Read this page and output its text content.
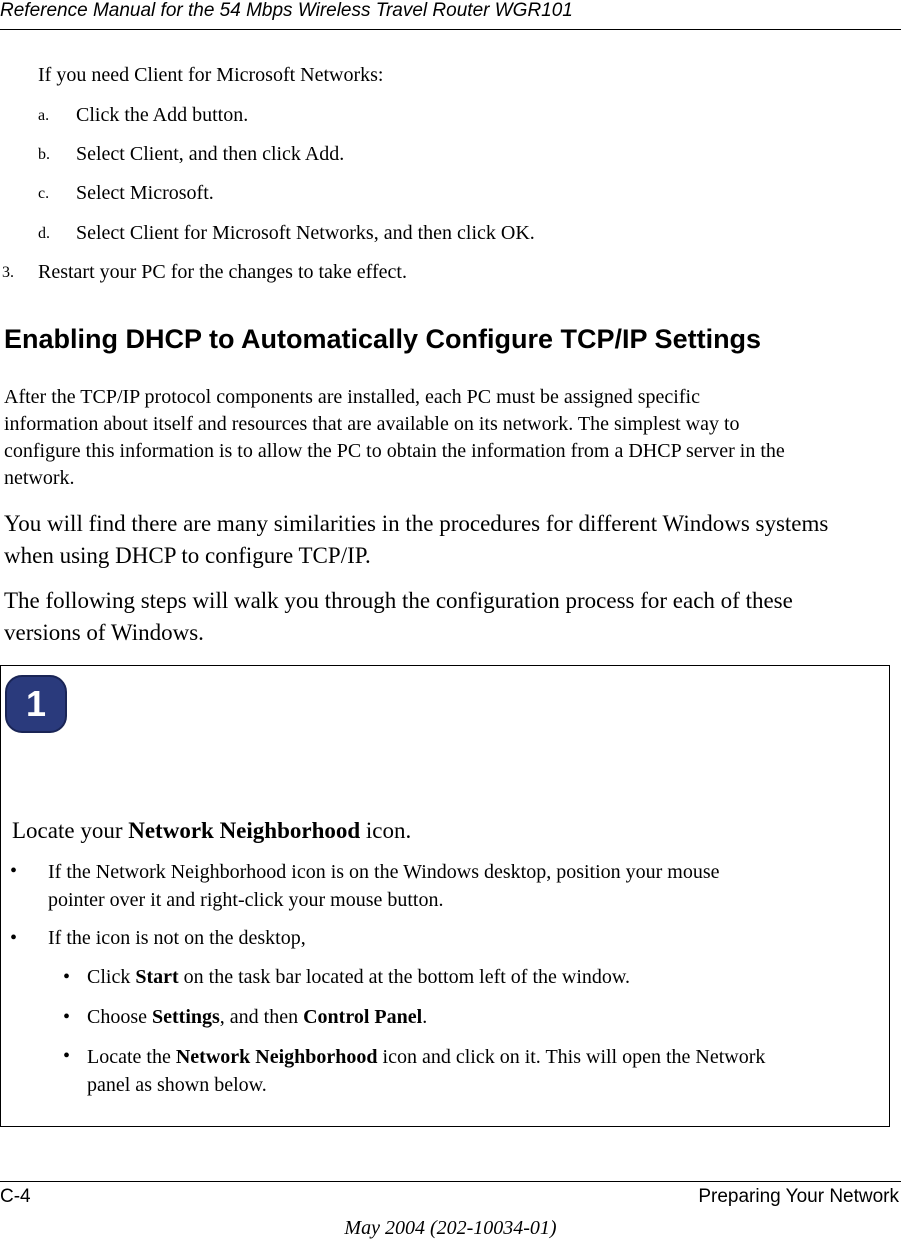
Reference Manual for the 54 Mbps Wireless Travel Router WGR101
If you need Client for Microsoft Networks:
a. Click the Add button.
b. Select Client, and then click Add.
c. Select Microsoft.
d. Select Client for Microsoft Networks, and then click OK.
3. Restart your PC for the changes to take effect.
Enabling DHCP to Automatically Configure TCP/IP Settings
After the TCP/IP protocol components are installed, each PC must be assigned specific
information about itself and resources that are available on its network. The simplest way to
configure this information is to allow the PC to obtain the information from a DHCP server in the
network.
You will find there are many similarities in the procedures for different Windows systems
when using DHCP to configure TCP/IP.
The following steps will walk you through the configuration process for each of these
versions of Windows.
1
Locate your Network Neighborhood icon.
• If the Network Neighborhood icon is on the Windows desktop, position your mouse
pointer over it and right-click your mouse button.
• If the icon is not on the desktop,
• Click Start on the task bar located at the bottom left of the window.
• Choose Settings, and then Control Panel.
• Locate the Network Neighborhood icon and click on it. This will open the Network
panel as shown below.
C-4	Preparing Your Network
May 2004 (202-10034-01)
